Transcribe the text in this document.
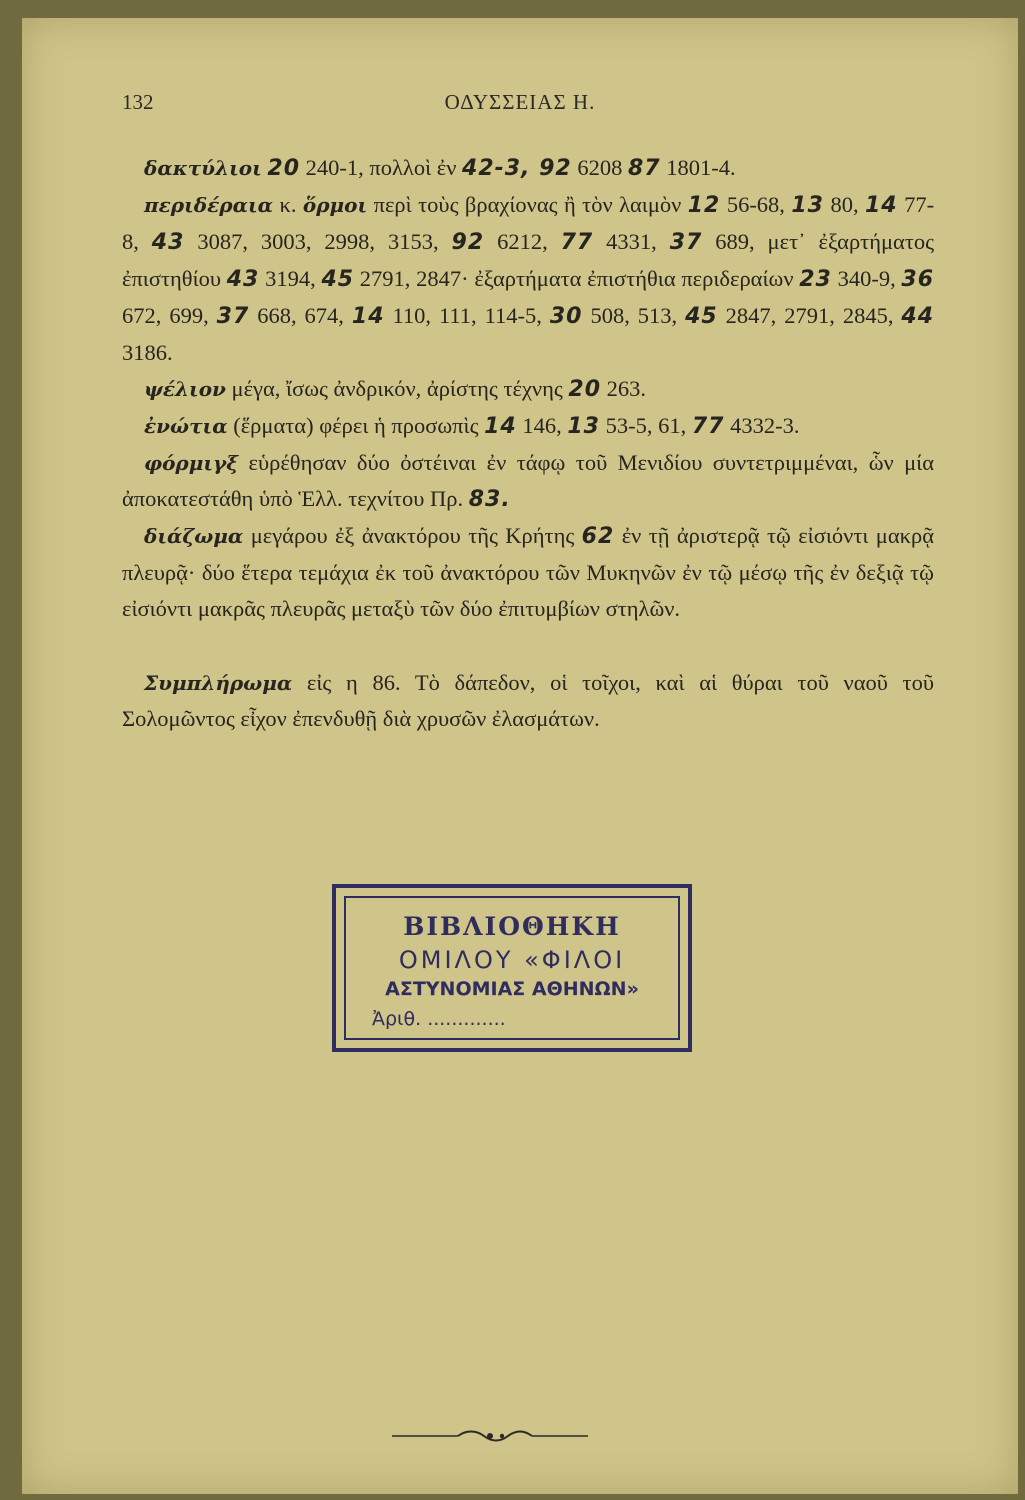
132	ΟΔΥΣΣΕΙΑΣ Η.

δακτύλιοι 20 240-1, πολλοὶ ἐν 42-3, 92 6208 87 1801-4.

περιδέραια κ. ὅρμοι περὶ τοὺς βραχίονας ἢ τὸν λαιμὸν 12 56-68, 13 80, 14 77-8, 43 3087, 3003, 2998, 3153, 92 6212, 77 4331, 37 689, μετ᾽ ἐξαρτήματος ἐπιστηθίου 43 3194, 45 2791, 2847· ἐξαρτήματα ἐπιστήθια περιδεραίων 23 340-9, 36 672, 699, 37 668, 674, 14 110, 111, 114-5, 30 508, 513, 45 2847, 2791, 2845, 44 3186.

ψέλιον μέγα, ἴσως ἀνδρικόν, ἀρίστης τέχνης 20 263.

ἐνώτια (ἕρματα) φέρει ἡ προσωπὶς 14 146, 13 53-5, 61, 77 4332-3.

φόρμιγξ εὑρέθησαν δύο ὀστέιναι ἐν τάφῳ τοῦ Μενιδίου συντετριμμέναι, ὧν μία ἀποκατεστάθη ὑπὸ Ἑλλ. τεχνίτου Πρ. 83.

διάζωμα μεγάρου ἐξ ἀνακτόρου τῆς Κρήτης 62 ἐν τῇ ἀριστερᾷ τῷ εἰσιόντι μακρᾷ πλευρᾷ· δύο ἕτερα τεμάχια ἐκ τοῦ ἀνακτόρου τῶν Μυκηνῶν ἐν τῷ μέσῳ τῆς ἐν δεξιᾷ τῷ εἰσιόντι μακρᾶς πλευρᾶς μεταξὺ τῶν δύο ἐπιτυμβίων στηλῶν.

Συμπλήρωμα εἰς η 86. Τὸ δάπεδον, οἱ τοῖχοι, καὶ αἱ θύραι τοῦ ναοῦ τοῦ Σολομῶντος εἶχον ἐπενδυθῇ διὰ χρυσῶν ἐλασμάτων.

ΒΙΒΛΙΟΘΗΚΗ
ΟΜΙΛΟΥ «ΦΙΛΟΙ
ΑΣΤΥΝΟΜΙΑΣ ΑΘΗΝΩΝ»
Ἀριθ. .............
